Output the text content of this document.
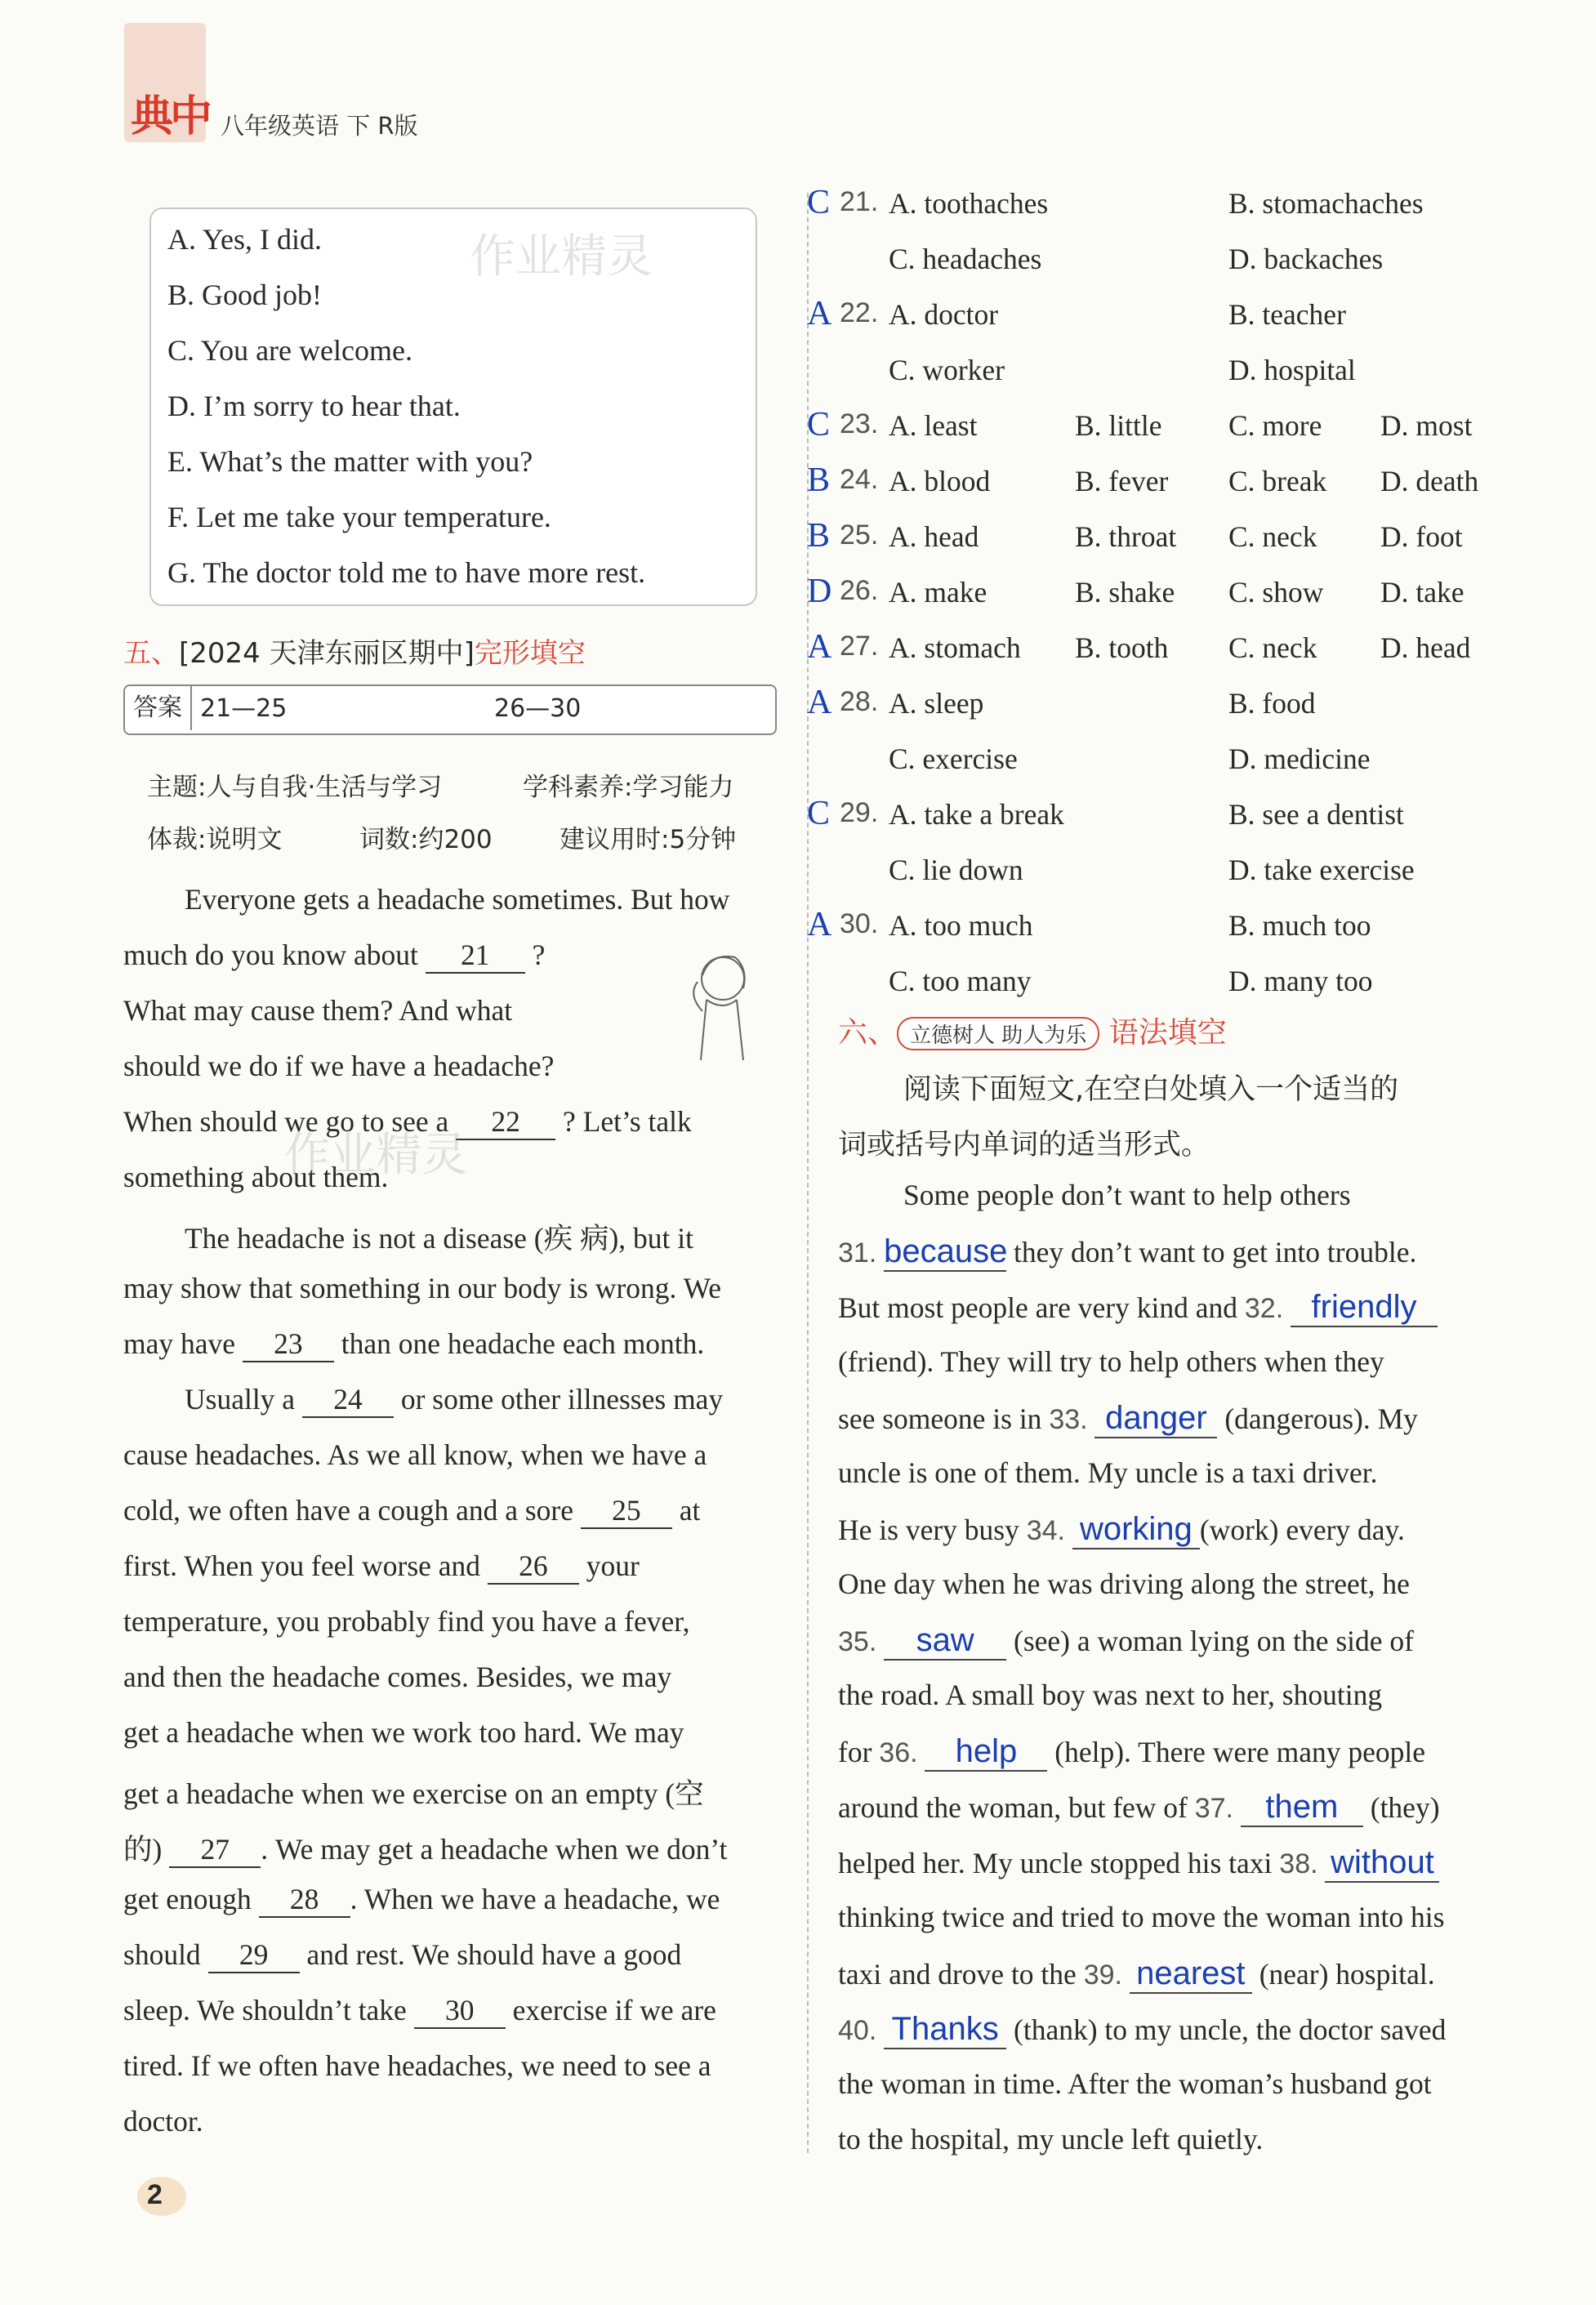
典中 八年级英语 下 R版
A. Yes, I did.
B. Good job!
C. You are welcome.
D. I’m sorry to hear that.
E. What’s the matter with you?
F. Let me take your temperature.
G. The doctor told me to have more rest.
作业精灵
五、[2024 天津东丽区期中]完形填空
答案 21—25	26—30
主题:人与自我·生活与学习	学科素养:学习能力
体裁:说明文	词数:约200	建议用时:5分钟
Everyone gets a headache sometimes. But how
much do you know about 21 ?
What may cause them? And what
should we do if we have a headache?
When should we go to see a 22 ? Let’s talk
something about them.
作业精灵
The headache is not a disease (疾 病), but it
may show that something in our body is wrong. We
may have 23 than one headache each month.
Usually a 24 or some other illnesses may
cause headaches. As we all know, when we have a
cold, we often have a cough and a sore 25 at
first. When you feel worse and 26 your
temperature, you probably find you have a fever,
and then the headache comes. Besides, we may
get a headache when we work too hard. We may
get a headache when we exercise on an empty (空
的) 27 . We may get a headache when we don’t
get enough 28 . When we have a headache, we
should 29 and rest. We should have a good
sleep. We shouldn’t take 30 exercise if we are
tired. If we often have headaches, we need to see a
doctor.
C 21. A. toothaches	B. stomachaches
C. headaches	D. backaches
A 22. A. doctor	B. teacher
C. worker	D. hospital
C 23. A. least	B. little C. more D. most
B 24. A. blood	B. fever C. break D. death
B 25. A. head	B. throat C. neck D. foot
D 26. A. make	B. shake C. show D. take
A 27. A. stomach B. tooth C. neck D. head
A 28. A. sleep	B. food
C. exercise	D. medicine
C 29. A. take a break	B. see a dentist
C. lie down	D. take exercise
A 30. A. too much	B. much too
C. too many	D. many too
六、 立德树人 助人为乐 语法填空
阅读下面短文,在空白处填入一个适当的
词或括号内单词的适当形式。
Some people don’t want to help others
31. because they don’t want to get into trouble.
But most people are very kind and 32. friendly
(friend). They will try to help others when they
see someone is in 33. danger (dangerous). My
uncle is one of them. My uncle is a taxi driver.
He is very busy 34. working (work) every day.
One day when he was driving along the street, he
35. saw (see) a woman lying on the side of
the road. A small boy was next to her, shouting
for 36. help (help). There were many people
around the woman, but few of 37. them (they)
helped her. My uncle stopped his taxi 38. without
thinking twice and tried to move the woman into his
taxi and drove to the 39. nearest (near) hospital.
40. Thanks (thank) to my uncle, the doctor saved
the woman in time. After the woman’s husband got
to the hospital, my uncle left quietly.
2
